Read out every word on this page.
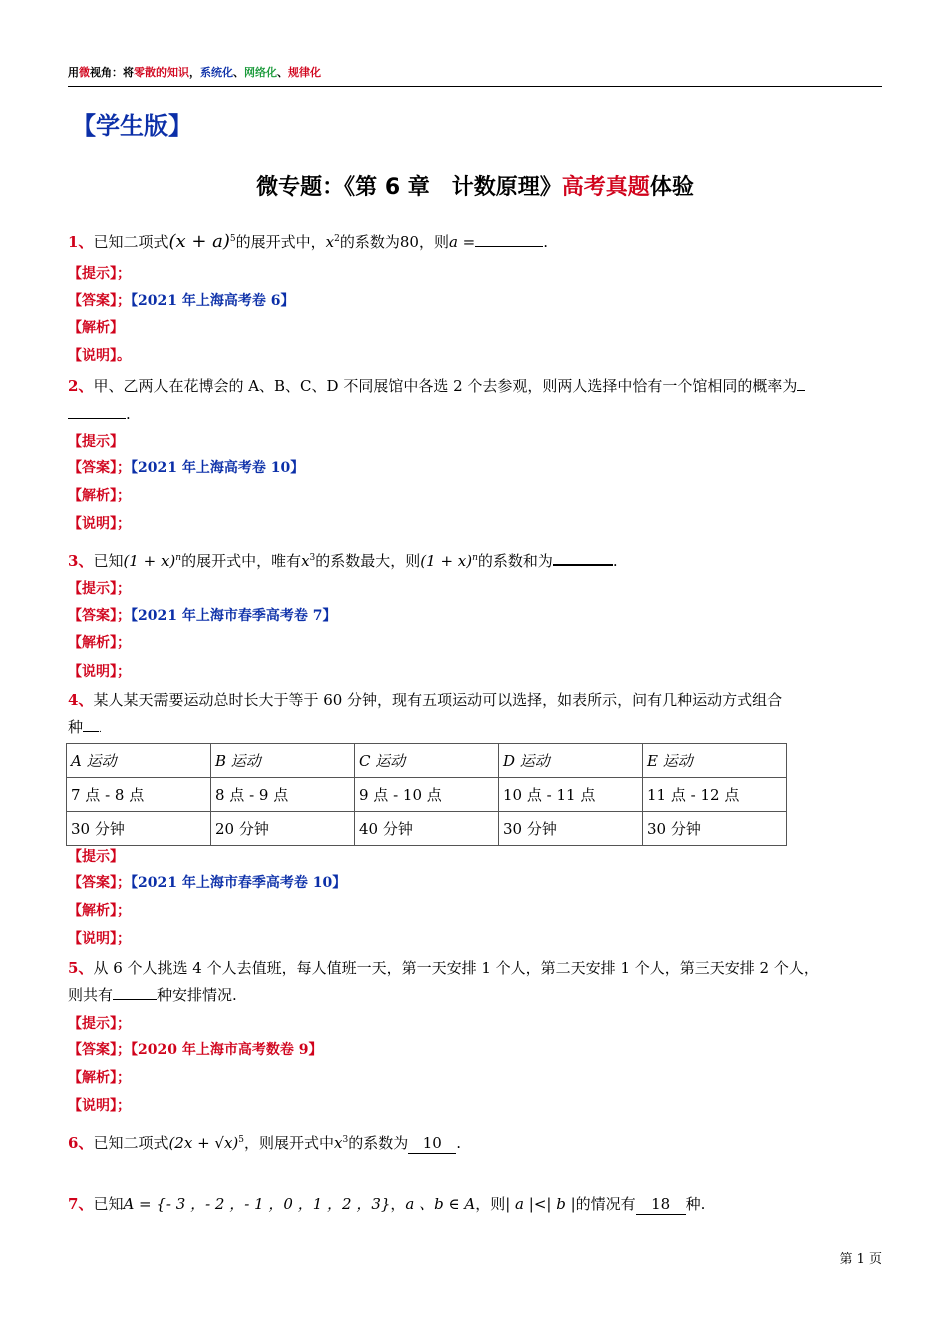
用微视角：将零散的知识，系统化、网络化、规律化
【学生版】
微专题：《第 6 章　计数原理》高考真题体验
1、已知二项式$(x + a)^5$的展开式中，$x^2$的系数为80，则a =	.
【提示】；
【答案】；【2021 年上海高考卷 6】
【解析】
【说明】。
2、甲、乙两人在花博会的 A、B、C、D 不同展馆中各选 2 个去参观，则两人选择中恰有一个馆相同的概率为
.
【提示】
【答案】；【2021 年上海高考卷 10】
【解析】；
【说明】；
3、已知$(1 + x)^n$的展开式中，唯有$x^3$的系数最大，则$(1 + x)^n$的系数和为	.
【提示】；
【答案】；【2021 年上海市春季高考卷 7】
【解析】；
【说明】；
4、某人某天需要运动总时长大于等于 60 分钟，现有五项运动可以选择，如表所示，问有几种运动方式组合
种 .
A 运动	B 运动	C 运动	D 运动	E 运动
7 点 - 8 点	8 点 - 9 点	9 点 - 10 点	10 点 - 11 点	11 点 - 12 点
30 分钟	20 分钟	40 分钟	30 分钟	30 分钟
【提示】
【答案】；【2021 年上海市春季高考卷 10】
【解析】；
【说明】；
5、从 6 个人挑选 4 个人去值班，每人值班一天，第一天安排 1 个人，第二天安排 1 个人，第三天安排 2 个人，
则共有	种安排情况.
【提示】；
【答案】；【2020 年上海市高考数卷 9】
【解析】；
【说明】；
6、已知二项式$(2x + √x)^5$，则展开式中$x^3$的系数为 10 .
7、已知A = {- 3 ，- 2 ，- 1 ，0 ，1 ，2 ，3}，a 、b ∈ A，则| a |<| b |的情况有 18 种.
第 1 页
